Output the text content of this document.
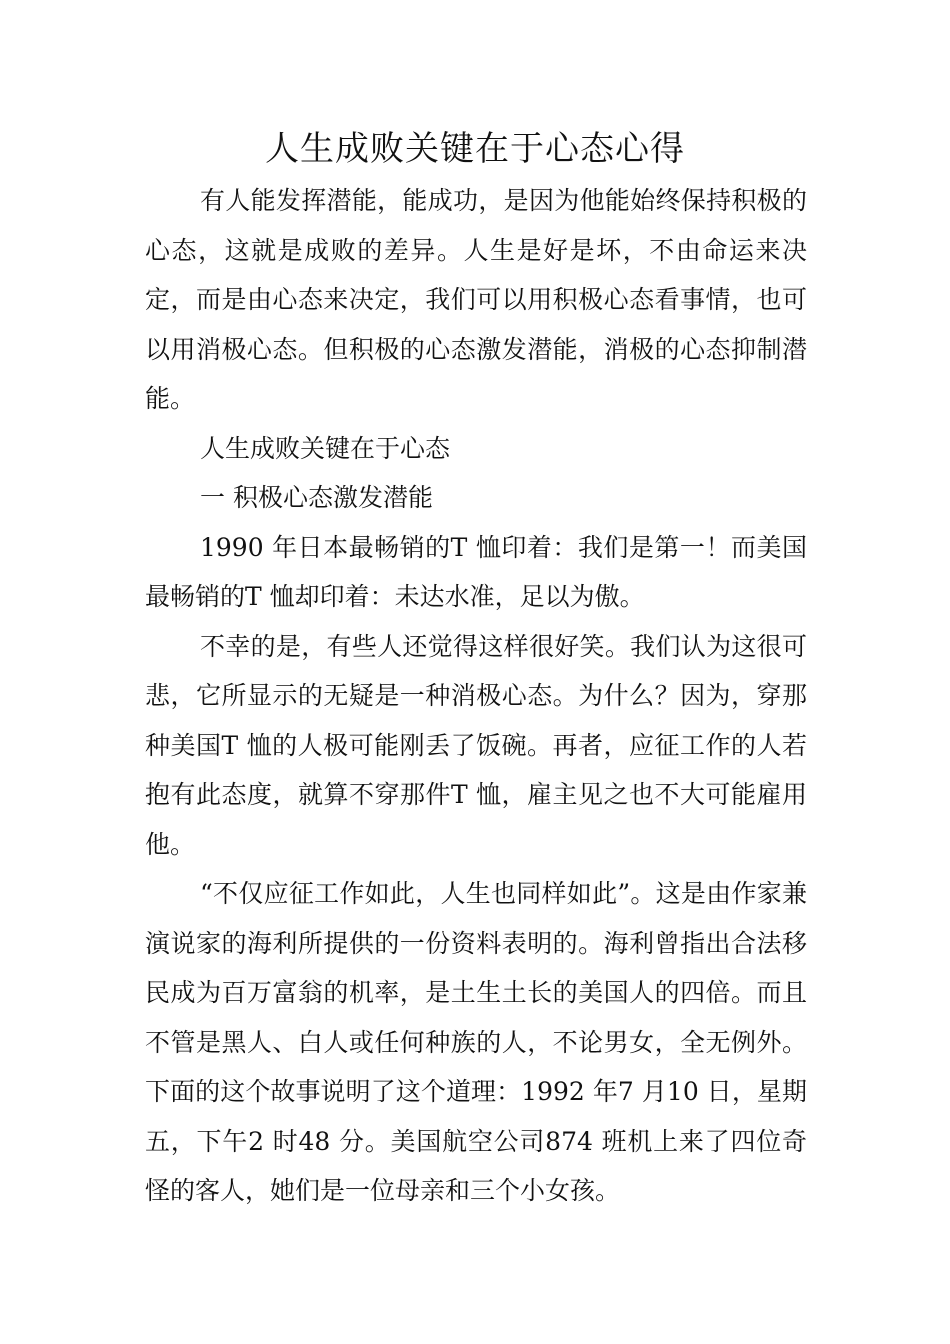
人生成败关键在于心态心得

有人能发挥潜能，能成功，是因为他能始终保持积极的心态，这就是成败的差异。人生是好是坏，不由命运来决定，而是由心态来决定，我们可以用积极心态看事情，也可以用消极心态。但积极的心态激发潜能，消极的心态抑制潜能。

人生成败关键在于心态

一 积极心态激发潜能

1990 年日本最畅销的T 恤印着：我们是第一！而美国最畅销的T 恤却印着：未达水准，足以为傲。

不幸的是，有些人还觉得这样很好笑。我们认为这很可悲，它所显示的无疑是一种消极心态。为什么？因为，穿那种美国T 恤的人极可能刚丢了饭碗。再者，应征工作的人若抱有此态度，就算不穿那件T 恤，雇主见之也不大可能雇用他。

“不仅应征工作如此，人生也同样如此”。这是由作家兼演说家的海利所提供的一份资料表明的。海利曾指出合法移民成为百万富翁的机率，是土生土长的美国人的四倍。而且不管是黑人、白人或任何种族的人，不论男女，全无例外。下面的这个故事说明了这个道理：1992 年7 月10 日，星期五，下午2 时48 分。美国航空公司874 班机上来了四位奇怪的客人，她们是一位母亲和三个小女孩。
